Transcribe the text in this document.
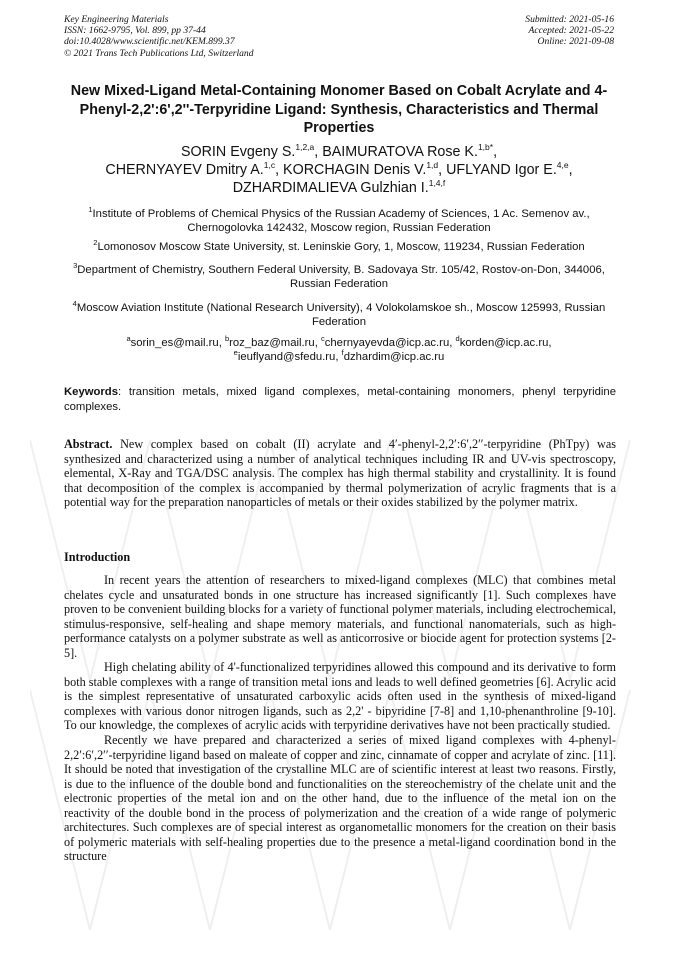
Key Engineering Materials
ISSN: 1662-9795, Vol. 899, pp 37-44
doi:10.4028/www.scientific.net/KEM.899.37
© 2021 Trans Tech Publications Ltd, Switzerland
Submitted: 2021-05-16
Accepted: 2021-05-22
Online: 2021-09-08
New Mixed-Ligand Metal-Containing Monomer Based on Cobalt Acrylate and 4-Phenyl-2,2':6',2''-Terpyridine Ligand: Synthesis, Characteristics and Thermal Properties
SORIN Evgeny S.$^{1,2,a}$, BAIMURATOVA Rose K.$^{1,b*}$,
CHERNYAYEV Dmitry A.$^{1,c}$, KORCHAGIN Denis V.$^{1,d}$, UFLYAND Igor E.$^{4,e}$,
DZHARDIMALIEVA Gulzhian I.$^{1,4,f}$
$^1$Institute of Problems of Chemical Physics of the Russian Academy of Sciences, 1 Ac. Semenov av., Chernogolovka 142432, Moscow region, Russian Federation
$^2$Lomonosov Moscow State University, st. Leninskie Gory, 1, Moscow, 119234, Russian Federation
$^3$Department of Chemistry, Southern Federal University, B. Sadovaya Str. 105/42, Rostov‑on‑Don, 344006, Russian Federation
$^4$Moscow Aviation Institute (National Research University), 4 Volokolamskoe sh., Moscow 125993, Russian Federation
$^a$sorin_es@mail.ru, $^b$roz_baz@mail.ru, $^c$chernyayevda@icp.ac.ru, $^d$korden@icp.ac.ru,
$^e$ieuflyand@sfedu.ru, $^f$dzhardim@icp.ac.ru
Keywords: transition metals, mixed ligand complexes, metal-containing monomers, phenyl terpyridine complexes.
Abstract. New complex based on cobalt (II) acrylate and 4′-phenyl-2,2′:6′,2′′-terpyridine (PhTpy) was synthesized and characterized using a number of analytical techniques including IR and UV-vis spectroscopy, elemental, X-Ray and TGA/DSC analysis. The complex has high thermal stability and crystallinity. It is found that decomposition of the complex is accompanied by thermal polymerization of acrylic fragments that is a potential way for the preparation nanoparticles of metals or their oxides stabilized by the polymer matrix.
Introduction

In recent years the attention of researchers to mixed-ligand complexes (MLC) that combines metal chelates cycle and unsaturated bonds in one structure has increased significantly [1]. Such complexes have proven to be convenient building blocks for a variety of functional polymer materials, including electrochemical, stimulus-responsive, self-healing and shape memory materials, and functional nanomaterials, such as high-performance catalysts on a polymer substrate as well as anticorrosive or biocide agent for protection systems [2-5].

High chelating ability of 4'-functionalized terpyridines allowed this compound and its derivative to form both stable complexes with a range of transition metal ions and leads to well defined geometries [6]. Acrylic acid is the simplest representative of unsaturated carboxylic acids often used in the synthesis of mixed-ligand complexes with various donor nitrogen ligands, such as 2,2' - bipyridine [7-8] and 1,10-phenanthroline [9-10]. To our knowledge, the complexes of acrylic acids with terpyridine derivatives have not been practically studied.

Recently we have prepared and characterized a series of mixed ligand complexes with 4-phenyl-2,2′:6′,2′′-terpyridine ligand based on maleate of copper and zinc, cinnamate of copper and acrylate of zinc. [11]. It should be noted that investigation of the crystalline MLC are of scientific interest at least two reasons. Firstly, is due to the influence of the double bond and functionalities on the stereochemistry of the chelate unit and the electronic properties of the metal ion and on the other hand, due to the influence of the metal ion on the reactivity of the double bond in the process of polymerization and the creation of a wide range of polymeric architectures. Such complexes are of special interest as organometallic monomers for the creation on their basis of polymeric materials with self-healing properties due to the presence a metal-ligand coordination bond in the structure
